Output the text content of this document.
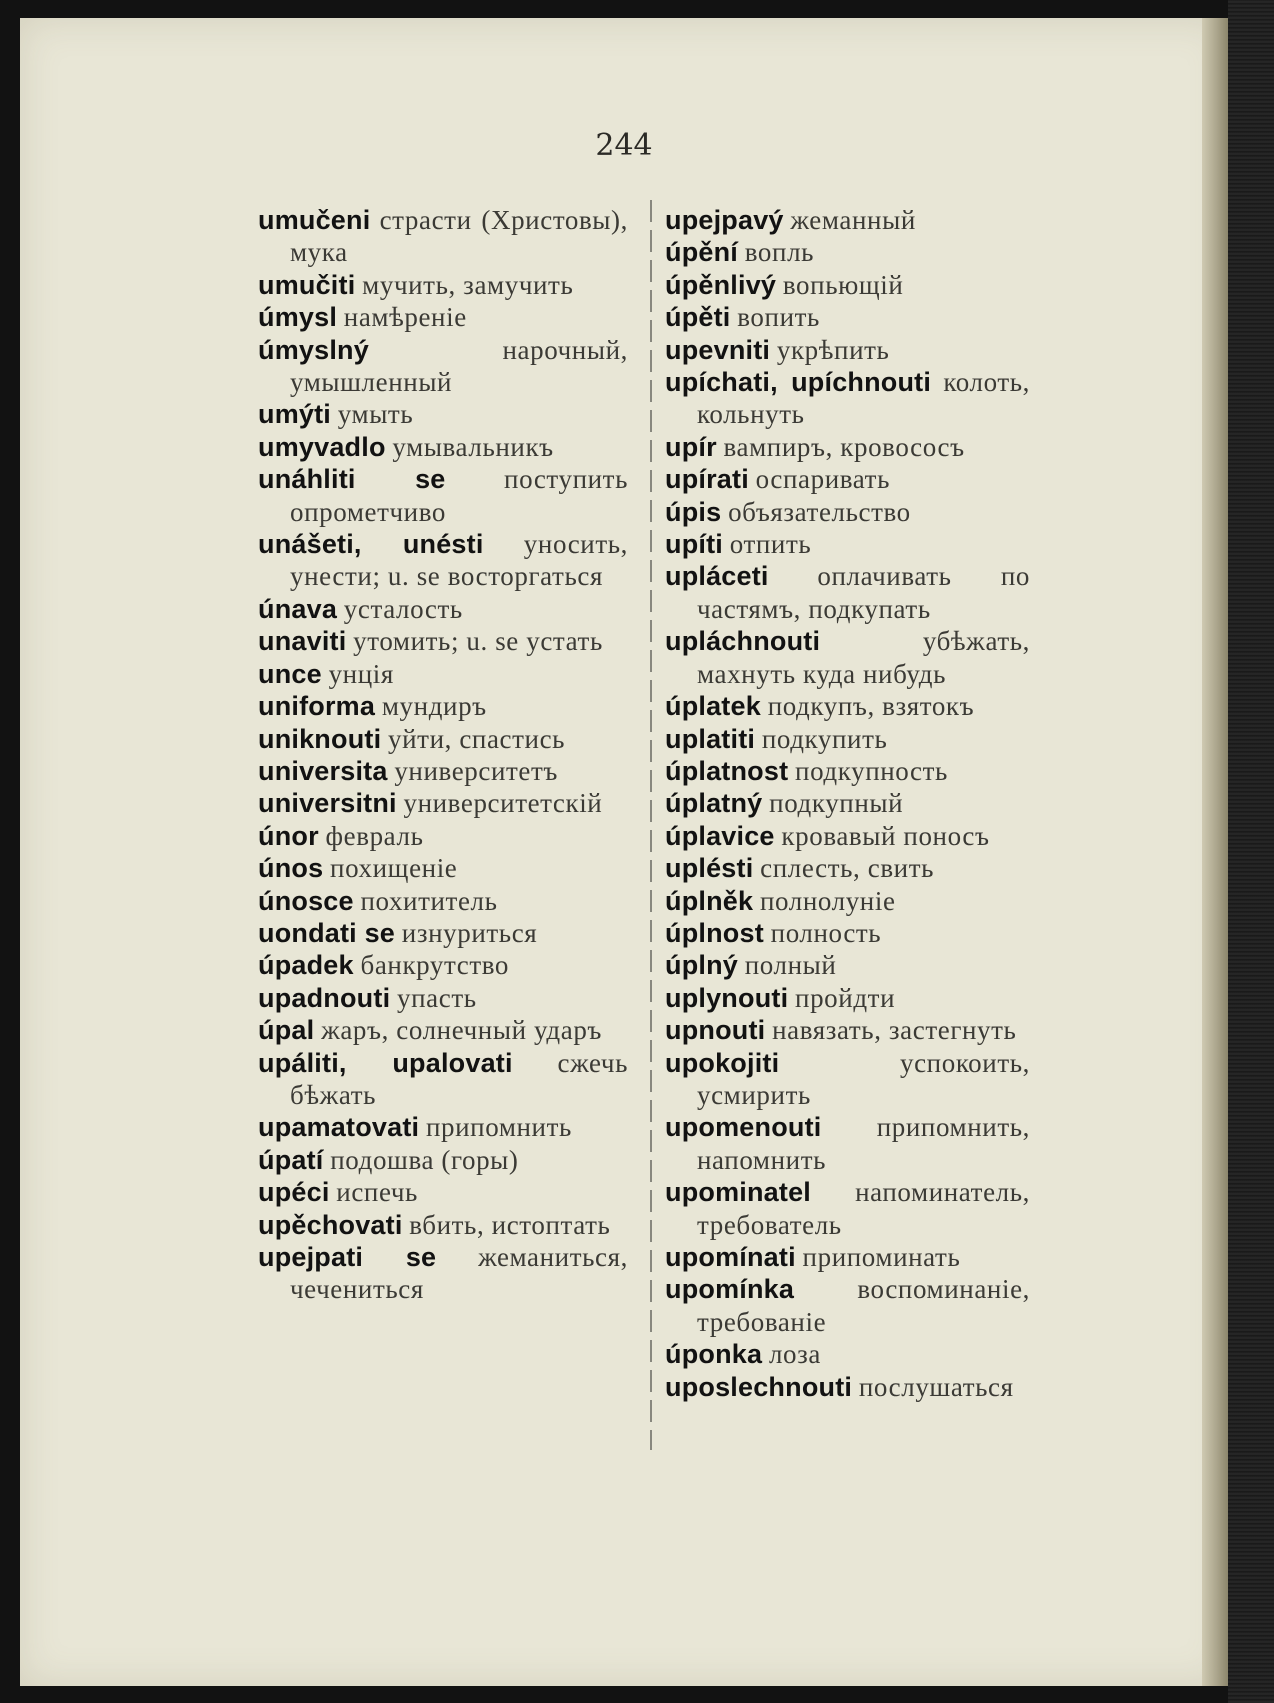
244
umučeni страсти (Христовы), мука
umučiti мучить, замучить
úmysl намѣреніе
úmyslný	нарочный, умышленный
umýti умыть
umyvadlo умывальникъ
unáhliti se поступить опрометчиво
unášeti, unésti уносить, унести; u. se восторгаться
únava усталость
unaviti утомить; u. se устать
unce унція
uniforma мундиръ
uniknouti уйти, спастись
universita университетъ
universitni университетскій
únor февраль
únos похищеніе
únosce похититель
uondati se изнуриться
úpadek банкрутство
upadnouti упасть
úpal жаръ, солнечный ударъ
upáliti, upalovati сжечь бѣжать
upamatovati припомнить
úpatí подошва (горы)
upéci испечь
upěchovati вбить, истоптать
upejpati se жеманиться, чечениться
upejpavý жеманный
úpění вопль
úpěnlivý вопьющій
úpěti вопить
upevniti укрѣпить
upíchati, upíchnouti колоть, кольнуть
upír вампиръ, кровососъ
upírati оспаривать
úpis объязательство
upíti отпить
upláceti оплачивать по частямъ, подкупать
upláchnouti	убѣжать, махнуть куда нибудь
úplatek подкупъ, взятокъ
uplatiti подкупить
úplatnost подкупность
úplatný подкупный
úplavice кровавый поносъ
uplésti сплесть, свить
úplněk полнолуніе
úplnost полность
úplný полный
uplynouti пройдти
upnouti навязать, застегнуть
upokojiti	успокоить, усмирить
upomenouti припомнить, напомнить
upominatel напоминатель, требователь
upomínati припоминать
upomínka воспоминаніе, требованіе
úponka лоза
uposlechnouti послушаться
